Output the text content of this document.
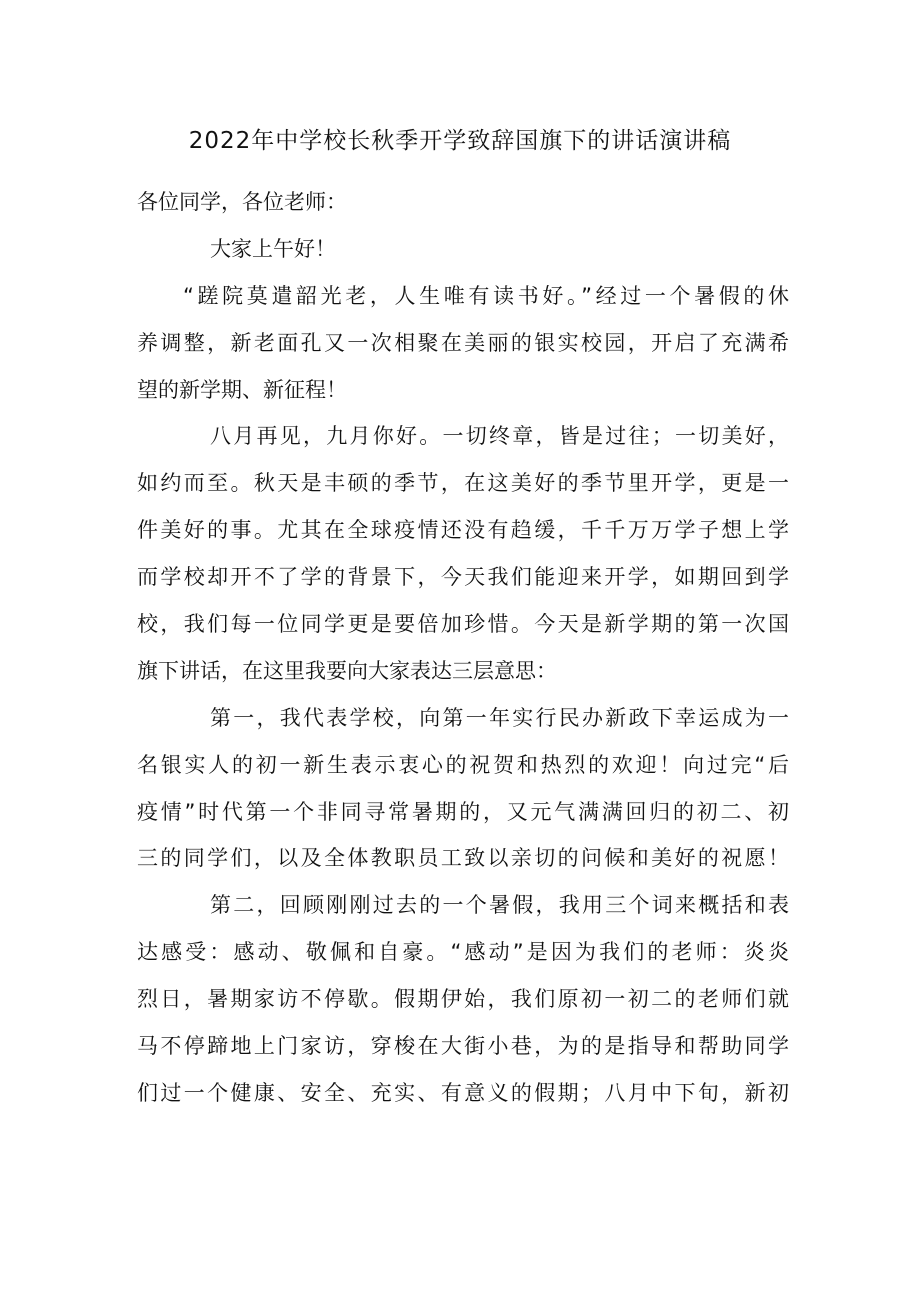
2022年中学校长秋季开学致辞国旗下的讲话演讲稿
各位同学，各位老师：
大家上午好！
“蹉院莫遣韶光老，人生唯有读书好。”经过一个暑假的休
养调整，新老面孔又一次相聚在美丽的银实校园，开启了充满希
望的新学期、新征程！
八月再见，九月你好。一切终章，皆是过往；一切美好，
如约而至。秋天是丰硕的季节，在这美好的季节里开学，更是一
件美好的事。尤其在全球疫情还没有趋缓，千千万万学子想上学
而学校却开不了学的背景下，今天我们能迎来开学，如期回到学
校，我们每一位同学更是要倍加珍惜。今天是新学期的第一次国
旗下讲话，在这里我要向大家表达三层意思：
第一，我代表学校，向第一年实行民办新政下幸运成为一
名银实人的初一新生表示衷心的祝贺和热烈的欢迎！向过完“后
疫情”时代第一个非同寻常暑期的，又元气满满回归的初二、初
三的同学们，以及全体教职员工致以亲切的问候和美好的祝愿！
第二，回顾刚刚过去的一个暑假，我用三个词来概括和表
达感受：感动、敬佩和自豪。“感动”是因为我们的老师：炎炎
烈日，暑期家访不停歇。假期伊始，我们原初一初二的老师们就
马不停蹄地上门家访，穿梭在大街小巷，为的是指导和帮助同学
们过一个健康、安全、充实、有意义的假期；八月中下旬，新初
